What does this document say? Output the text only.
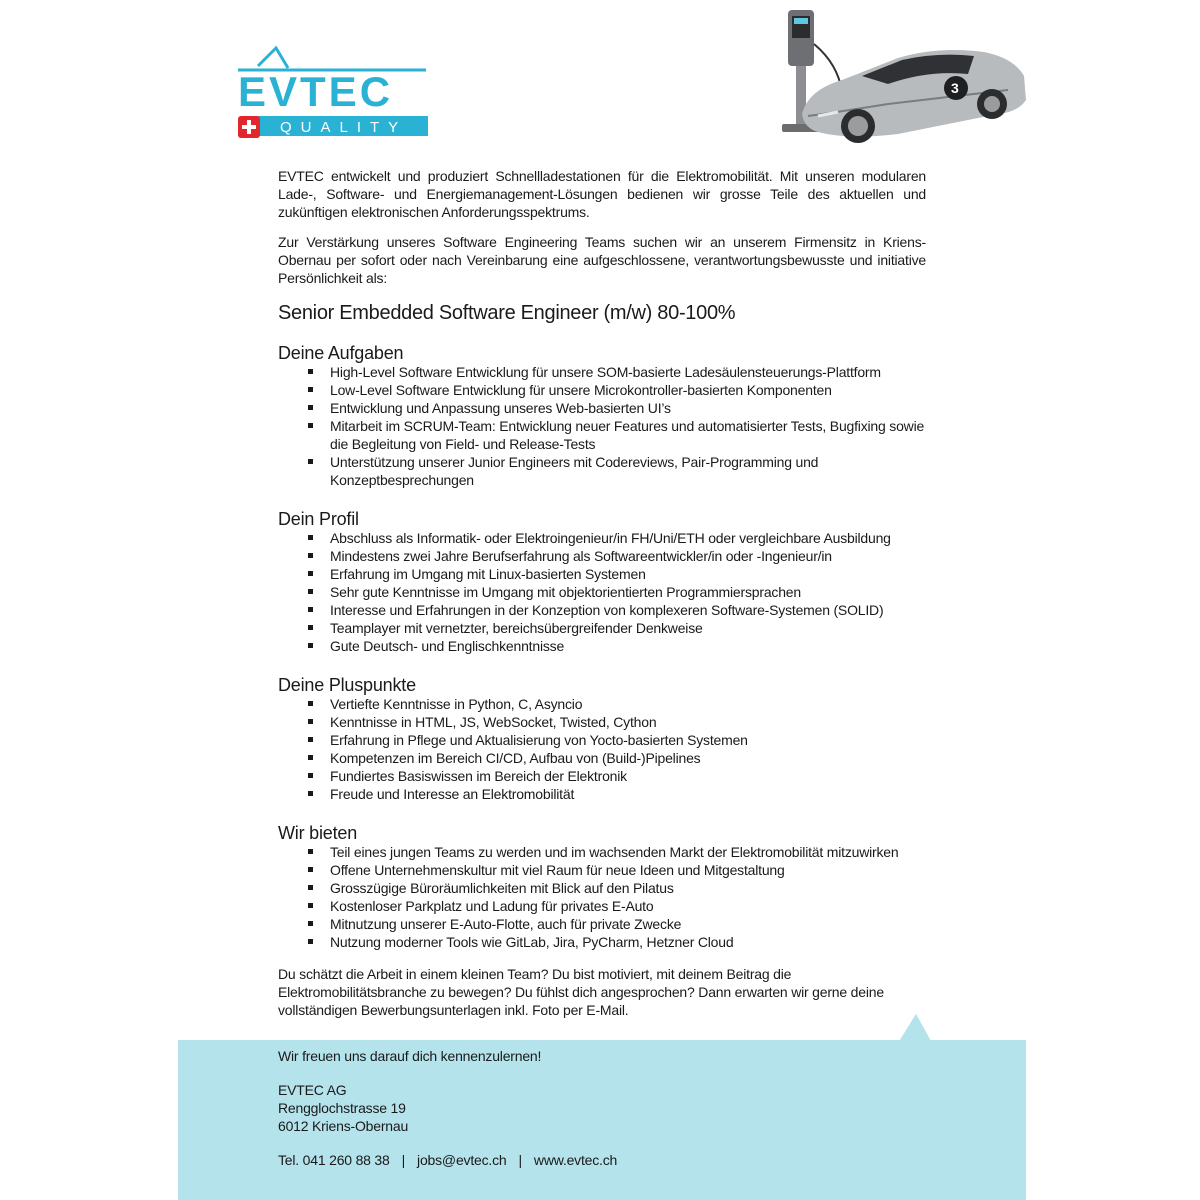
EVTEC
QUALITY
3

EVTEC entwickelt und produziert Schnellladestationen für die Elektromobilität. Mit unseren modularen Lade-, Software- und Energiemanagement-Lösungen bedienen wir grosse Teile des aktuellen und zukünftigen elektronischen Anforderungsspektrums.

Zur Verstärkung unseres Software Engineering Teams suchen wir an unserem Firmensitz in Kriens-Obernau per sofort oder nach Vereinbarung eine aufgeschlossene, verantwortungsbewusste und initiative Persönlichkeit als:

Senior Embedded Software Engineer (m/w) 80-100%
Deine Aufgaben
High-Level Software Entwicklung für unsere SOM-basierte Ladesäulensteuerungs-Plattform
Low-Level Software Entwicklung für unsere Microkontroller-basierten Komponenten
Entwicklung und Anpassung unseres Web-basierten UI’s
Mitarbeit im SCRUM-Team: Entwicklung neuer Features und automatisierter Tests, Bugfixing sowie die Begleitung von Field- und Release-Tests
Unterstützung unserer Junior Engineers mit Codereviews, Pair-Programming und Konzeptbesprechungen
Dein Profil
Abschluss als Informatik- oder Elektroingenieur/in FH/Uni/ETH oder vergleichbare Ausbildung
Mindestens zwei Jahre Berufserfahrung als Softwareentwickler/in oder -Ingenieur/in
Erfahrung im Umgang mit Linux-basierten Systemen
Sehr gute Kenntnisse im Umgang mit objektorientierten Programmiersprachen
Interesse und Erfahrungen in der Konzeption von komplexeren Software-Systemen (SOLID)
Teamplayer mit vernetzter, bereichsübergreifender Denkweise
Gute Deutsch- und Englischkenntnisse
Deine Pluspunkte
Vertiefte Kenntnisse in Python, C, Asyncio
Kenntnisse in HTML, JS, WebSocket, Twisted, Cython
Erfahrung in Pflege und Aktualisierung von Yocto-basierten Systemen
Kompetenzen im Bereich CI/CD, Aufbau von (Build-)Pipelines
Fundiertes Basiswissen im Bereich der Elektronik
Freude und Interesse an Elektromobilität
Wir bieten
Teil eines jungen Teams zu werden und im wachsenden Markt der Elektromobilität mitzuwirken
Offene Unternehmenskultur mit viel Raum für neue Ideen und Mitgestaltung
Grosszügige Büroräumlichkeiten mit Blick auf den Pilatus
Kostenloser Parkplatz und Ladung für privates E-Auto
Mitnutzung unserer E-Auto-Flotte, auch für private Zwecke
Nutzung moderner Tools wie GitLab, Jira, PyCharm, Hetzner Cloud

Du schätzt die Arbeit in einem kleinen Team? Du bist motiviert, mit deinem Beitrag die Elektromobilitätsbranche zu bewegen? Du fühlst dich angesprochen? Dann erwarten wir gerne deine vollständigen Bewerbungsunterlagen inkl. Foto per E-Mail.

Wir freuen uns darauf dich kennenzulernen!

EVTEC AG

Rengglochstrasse 19

6012 Kriens-Obernau

Tel. 041 260 88 38 | jobs@evtec.ch | www.evtec.ch
